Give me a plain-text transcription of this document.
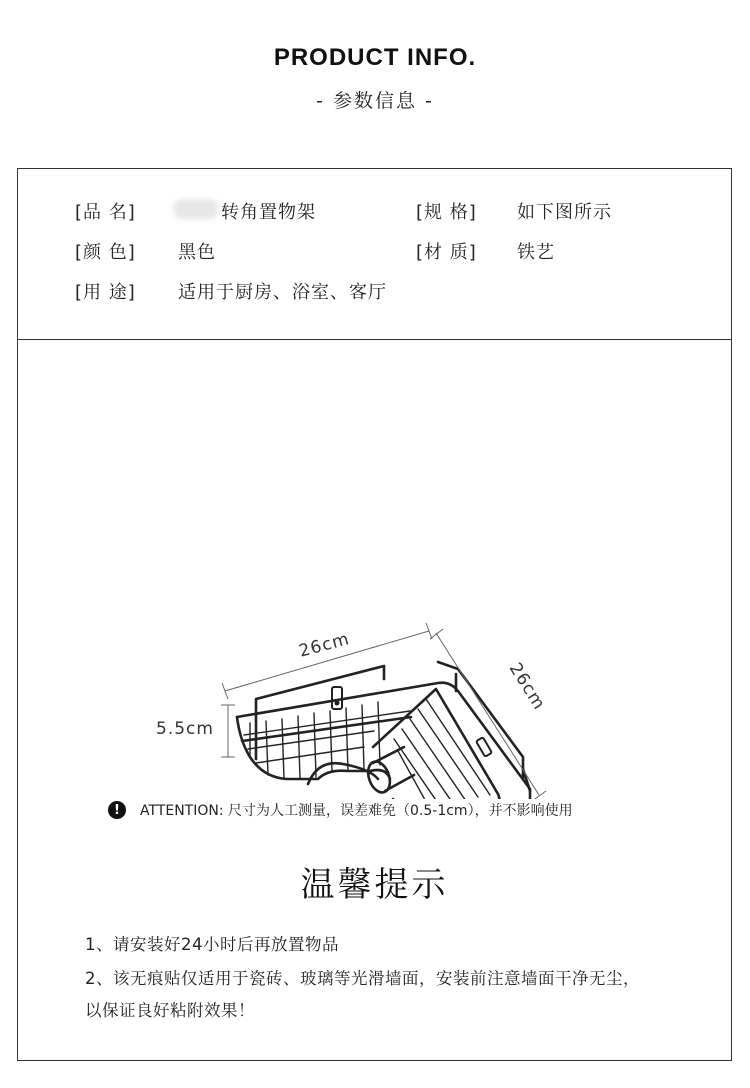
PRODUCT INFO.
- 参数信息 -
[品 名]	转角置物架	[规 格] 如下图所示
[颜 色] 黑色	[材 质] 铁艺
[用 途] 适用于厨房、浴室、客厅
26cm
26cm
5.5cm
!	ATTENTION: 尺寸为人工测量，误差难免（0.5-1cm），并不影响使用
温馨提示
1、请安装好24小时后再放置物品
2、该无痕贴仅适用于瓷砖、玻璃等光滑墙面，安装前注意墙面干净无尘，
以保证良好粘附效果！
